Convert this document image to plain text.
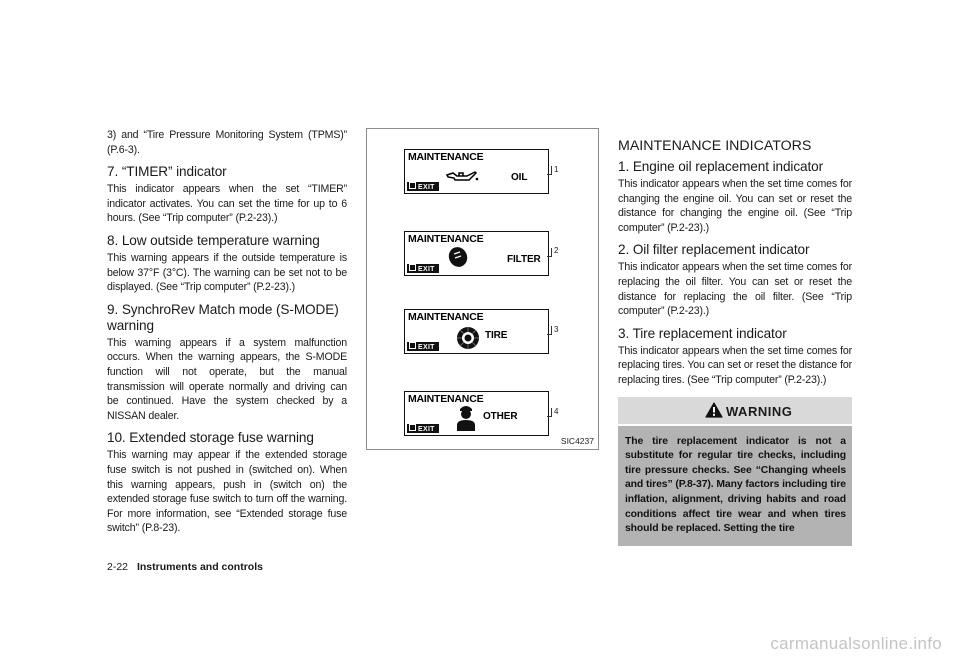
3) and “Tire Pressure Monitoring System (TPMS)” (P.6-3).

7. “TIMER” indicator

This indicator appears when the set “TIMER” indicator activates. You can set the time for up to 6 hours. (See “Trip computer” (P.2-23).)

8. Low outside temperature warning

This warning appears if the outside temperature is below 37°F (3°C). The warning can be set not to be displayed. (See “Trip computer” (P.2-23).)

9. SynchroRev Match mode (S-MODE) warning

This warning appears if a system malfunction occurs. When the warning appears, the S-MODE function will not operate, but the manual transmission will operate normally and driving can be continued. Have the system checked by a NISSAN dealer.

10. Extended storage fuse warning

This warning may appear if the extended storage fuse switch is not pushed in (switched on). When this warning appears, push in (switch on) the extended storage fuse switch to turn off the warning. For more information, see “Extended storage fuse switch” (P.8-23).

MAINTENANCE
OIL
EXIT
1
MAINTENANCE
FILTER
EXIT
2
MAINTENANCE
TIRE
EXIT
3
MAINTENANCE
OTHER
EXIT
4
SIC4237
MAINTENANCE INDICATORS
1. Engine oil replacement indicator

This indicator appears when the set time comes for changing the engine oil. You can set or reset the distance for changing the engine oil. (See “Trip computer” (P.2-23).)

2. Oil filter replacement indicator

This indicator appears when the set time comes for replacing the oil filter. You can set or reset the distance for replacing the oil filter. (See “Trip computer” (P.2-23).)

3. Tire replacement indicator

This indicator appears when the set time comes for replacing tires. You can set or reset the distance for replacing tires. (See “Trip computer” (P.2-23).)

WARNING
The tire replacement indicator is not a substitute for regular tire checks, including tire pressure checks. See “Changing wheels and tires” (P.8-37). Many factors including tire inflation, alignment, driving habits and road conditions affect tire wear and when tires should be replaced. Setting the tire
2-22 Instruments and controls
carmanualsonline.info
